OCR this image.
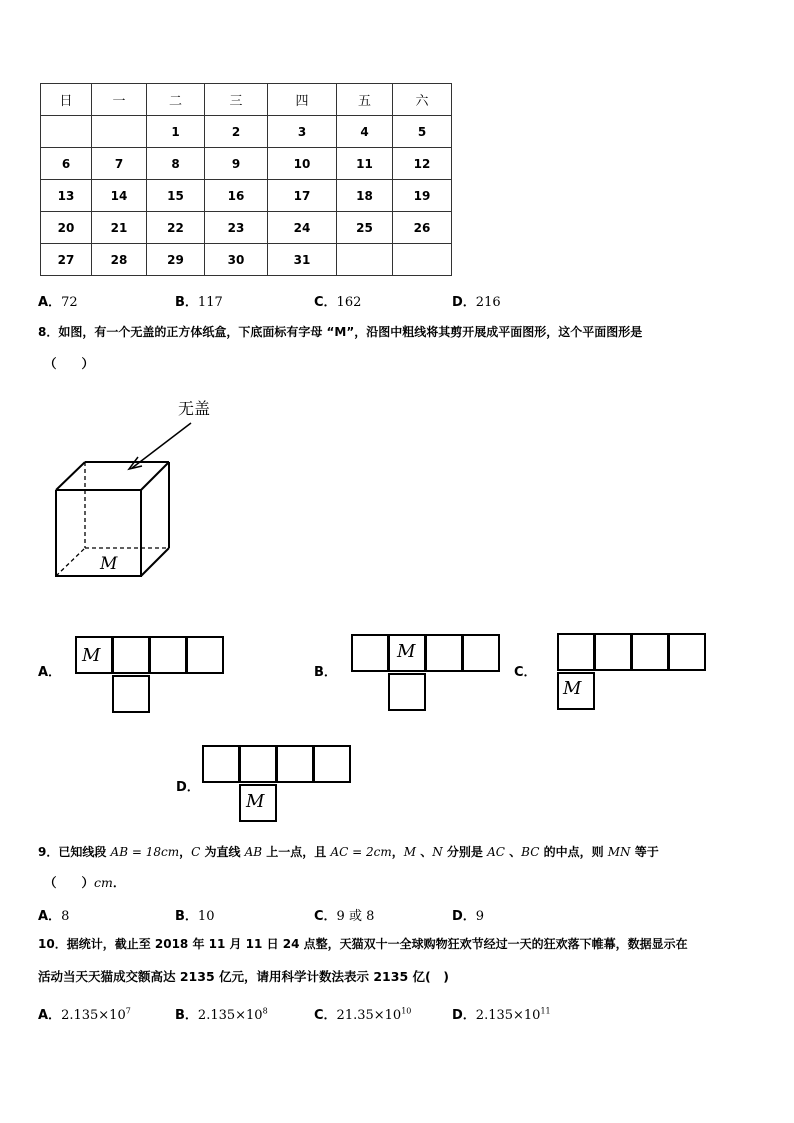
日	一	二	三	四	五	六
		1	2	3	4	5
6	7	8	9	10	11	12
13	14	15	16	17	18	19
20	21	22	23	24	25	26
27	28	29	30	31		
A．72	B．117	C．162	D．216
8．如图，有一个无盖的正方体纸盒，下底面标有字母 “M”，沿图中粗线将其剪开展成平面图形，这个平面图形是
（　　）
无盖
M
A．
M
B．
M
C．
M
D．
M
9．已知线段 AB = 18cm，C 为直线 AB 上一点，且 AC = 2cm，M 、N 分别是 AC 、BC 的中点，则 MN 等于
（　　）cm．
A．8	B．10	C．9 或 8	D．9
10．据统计，截止至 2018 年 11 月 11 日 24 点整，天猫双十一全球购物狂欢节经过一天的狂欢落下帷幕，数据显示在
活动当天天猫成交额高达 2135 亿元，请用科学计数法表示 2135 亿(　)
A．$2.135\times 10^7$	B．$2.135\times 10^8$	C．$21.35\times 10^{10}$	D．$2.135\times 10^{11}$
